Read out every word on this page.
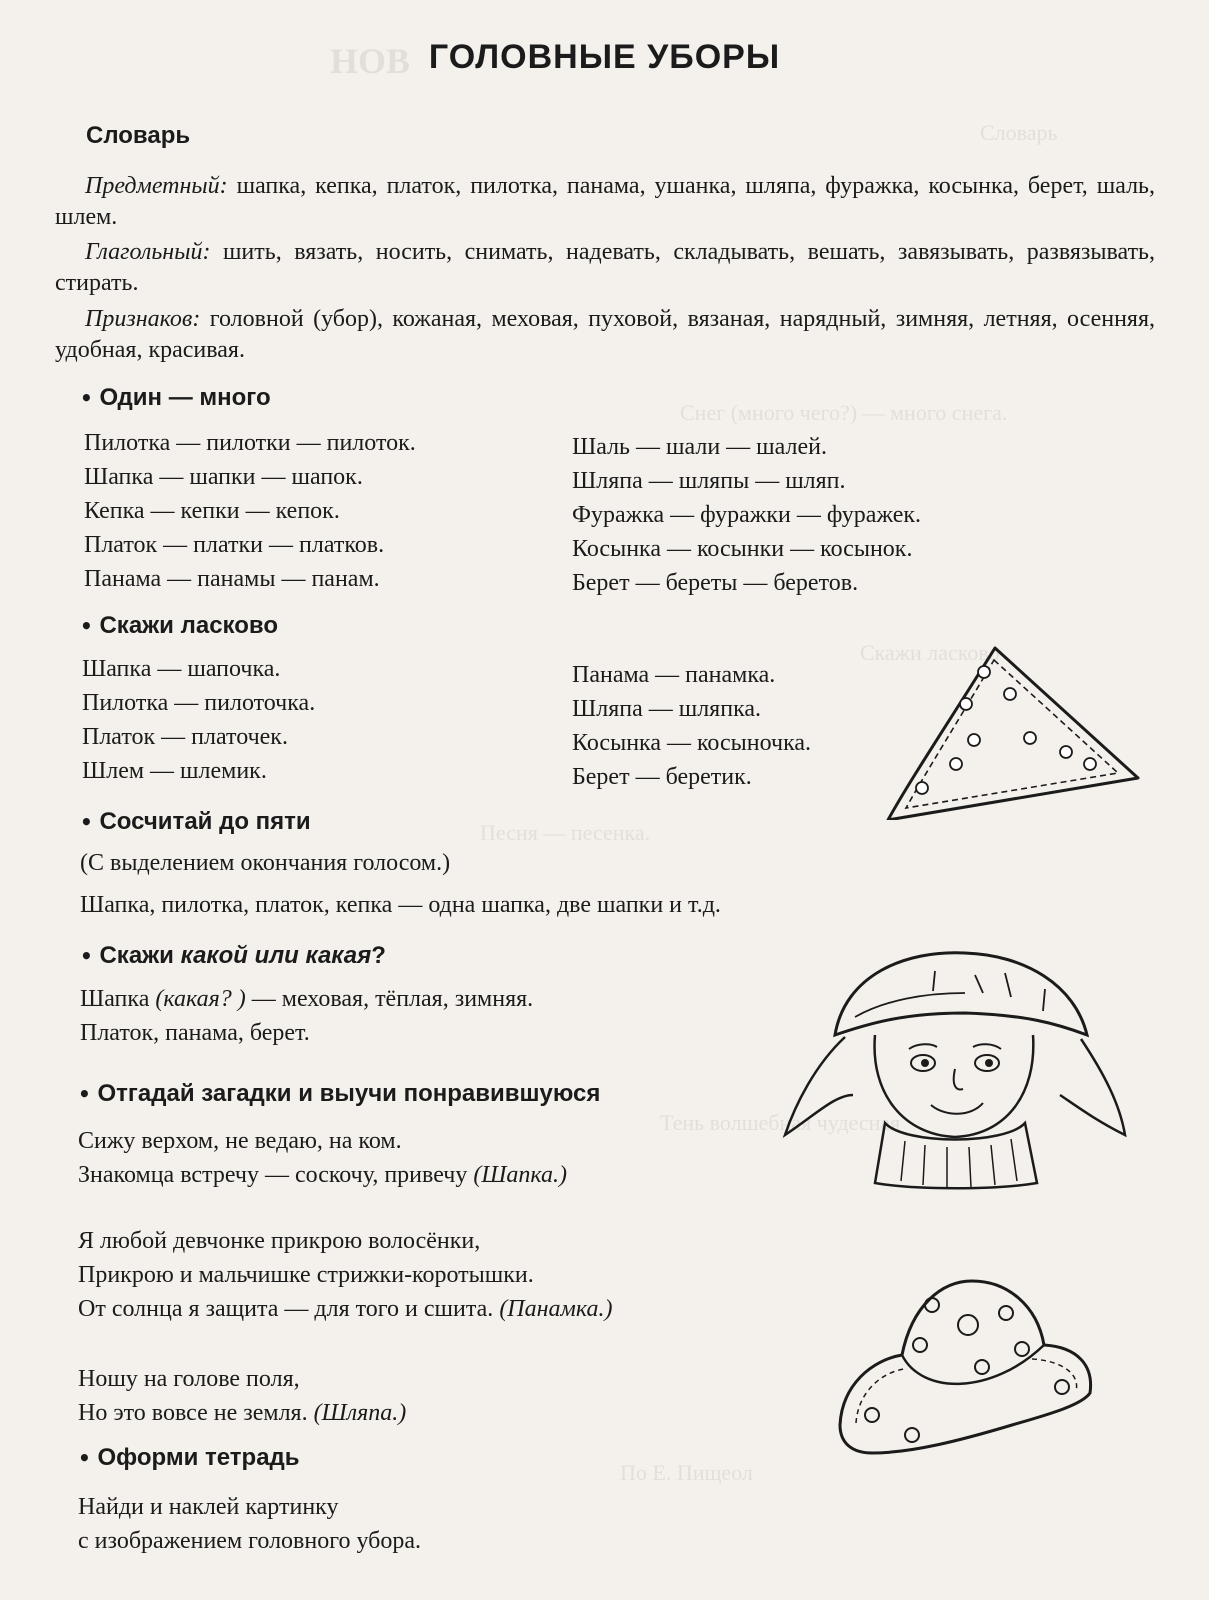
НОВ
Словарь
Снег (много чего?) — много снега.
Скажи ласково
Песня — песенка.
Тень волшебная чудесная
По Е. Пищеол
ГОЛОВНЫЕ УБОРЫ
Словарь
Предметный: шапка, кепка, платок, пилотка, панама, ушанка, шляпа, фуражка, косынка, берет, шаль, шлем.
Глагольный: шить, вязать, носить, снимать, надевать, складывать, вешать, завязывать, развязывать, стирать.
Признаков: головной (убор), кожаная, меховая, пуховой, вязаная, нарядный, зимняя, летняя, осенняя, удобная, красивая.
• Один — много
Пилотка — пилотки — пилоток.
Шапка — шапки — шапок.
Кепка — кепки — кепок.
Платок — платки — платков.
Панама — панамы — панам.
Шаль — шали — шалей.
Шляпа — шляпы — шляп.
Фуражка — фуражки — фуражек.
Косынка — косынки — косынок.
Берет — береты — беретов.
• Скажи ласково
Шапка — шапочка.
Пилотка — пилоточка.
Платок — платочек.
Шлем — шлемик.
Панама — панамка.
Шляпа — шляпка.
Косынка — косыночка.
Берет — беретик.
• Сосчитай до пяти
(С выделением окончания голосом.)
Шапка, пилотка, платок, кепка — одна шапка, две шапки и т.д.
• Скажи какой или какая?
Шапка (какая? ) — меховая, тёплая, зимняя.
Платок, панама, берет.
• Отгадай загадки и выучи понравившуюся
Сижу верхом, не ведаю, на ком.
Знакомца встречу — соскочу, привечу (Шапка.)
Я любой девчонке прикрою волосёнки,
Прикрою и мальчишке стрижки-коротышки.
От солнца я защита — для того и сшита. (Панамка.)
Ношу на голове поля,
Но это вовсе не земля. (Шляпа.)
• Оформи тетрадь
Найди и наклей картинку
с изображением головного убора.
